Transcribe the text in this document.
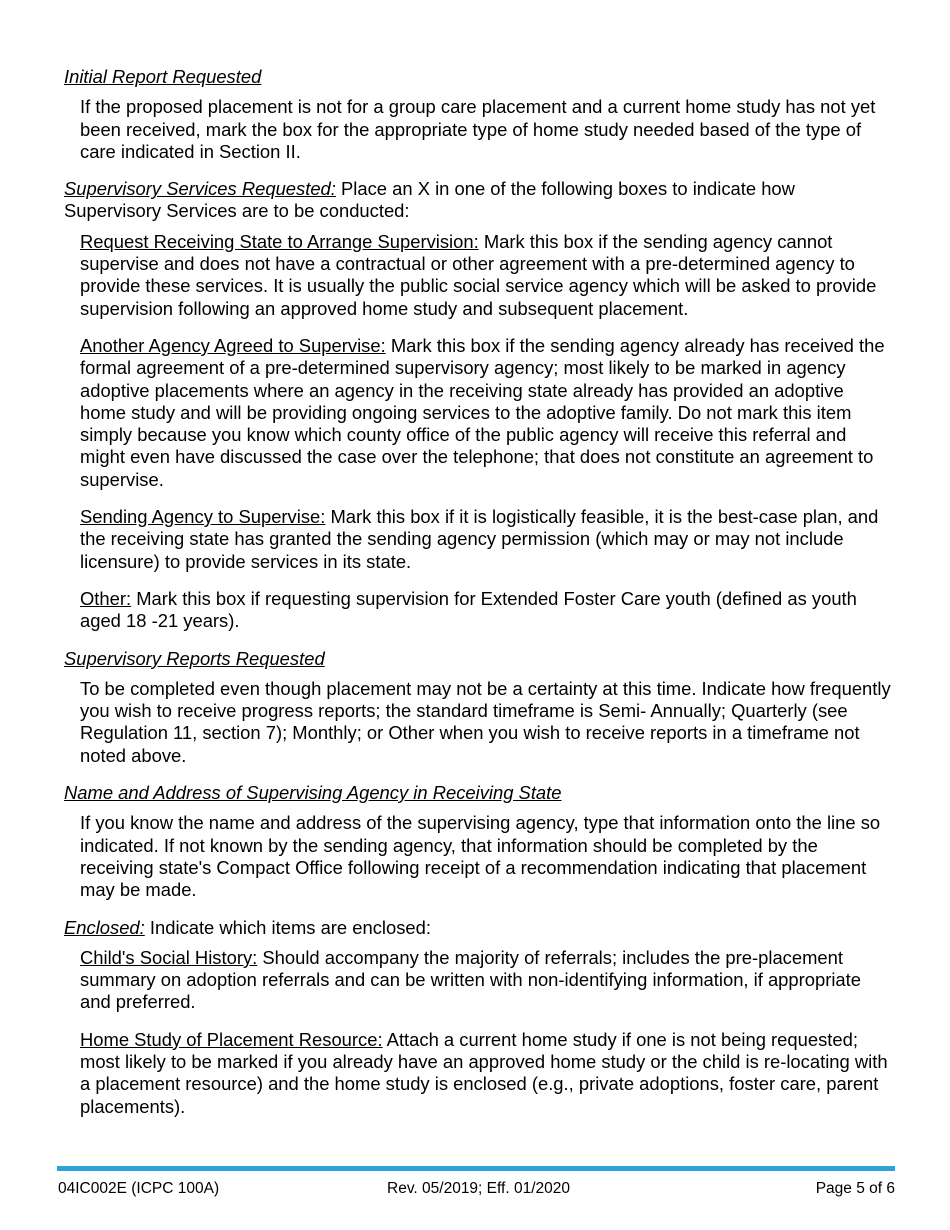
Initial Report Requested
If the proposed placement is not for a group care placement and a current home study has not yet been received, mark the box for the appropriate type of home study needed based of the type of care indicated in Section II.
Supervisory Services Requested: Place an X in one of the following boxes to indicate how Supervisory Services are to be conducted:
Request Receiving State to Arrange Supervision: Mark this box if the sending agency cannot supervise and does not have a contractual or other agreement with a pre-determined agency to provide these services. It is usually the public social service agency which will be asked to provide supervision following an approved home study and subsequent placement.
Another Agency Agreed to Supervise: Mark this box if the sending agency already has received the formal agreement of a pre-determined supervisory agency; most likely to be marked in agency adoptive placements where an agency in the receiving state already has provided an adoptive home study and will be providing ongoing services to the adoptive family. Do not mark this item simply because you know which county office of the public agency will receive this referral and might even have discussed the case over the telephone; that does not constitute an agreement to supervise.
Sending Agency to Supervise: Mark this box if it is logistically feasible, it is the best-case plan, and the receiving state has granted the sending agency permission (which may or may not include licensure) to provide services in its state.
Other: Mark this box if requesting supervision for Extended Foster Care youth (defined as youth aged 18 -21 years).
Supervisory Reports Requested
To be completed even though placement may not be a certainty at this time. Indicate how frequently you wish to receive progress reports; the standard timeframe is Semi- Annually; Quarterly (see Regulation 11, section 7); Monthly; or Other when you wish to receive reports in a timeframe not noted above.
Name and Address of Supervising Agency in Receiving State
If you know the name and address of the supervising agency, type that information onto the line so indicated. If not known by the sending agency, that information should be completed by the receiving state's Compact Office following receipt of a recommendation indicating that placement may be made.
Enclosed: Indicate which items are enclosed:
Child's Social History: Should accompany the majority of referrals; includes the pre-placement summary on adoption referrals and can be written with non-identifying information, if appropriate and preferred.
Home Study of Placement Resource: Attach a current home study if one is not being requested; most likely to be marked if you already have an approved home study or the child is re-locating with a placement resource) and the home study is enclosed (e.g., private adoptions, foster care, parent placements).
04IC002E (ICPC 100A)	Rev. 05/2019; Eff. 01/2020	Page 5 of 6
